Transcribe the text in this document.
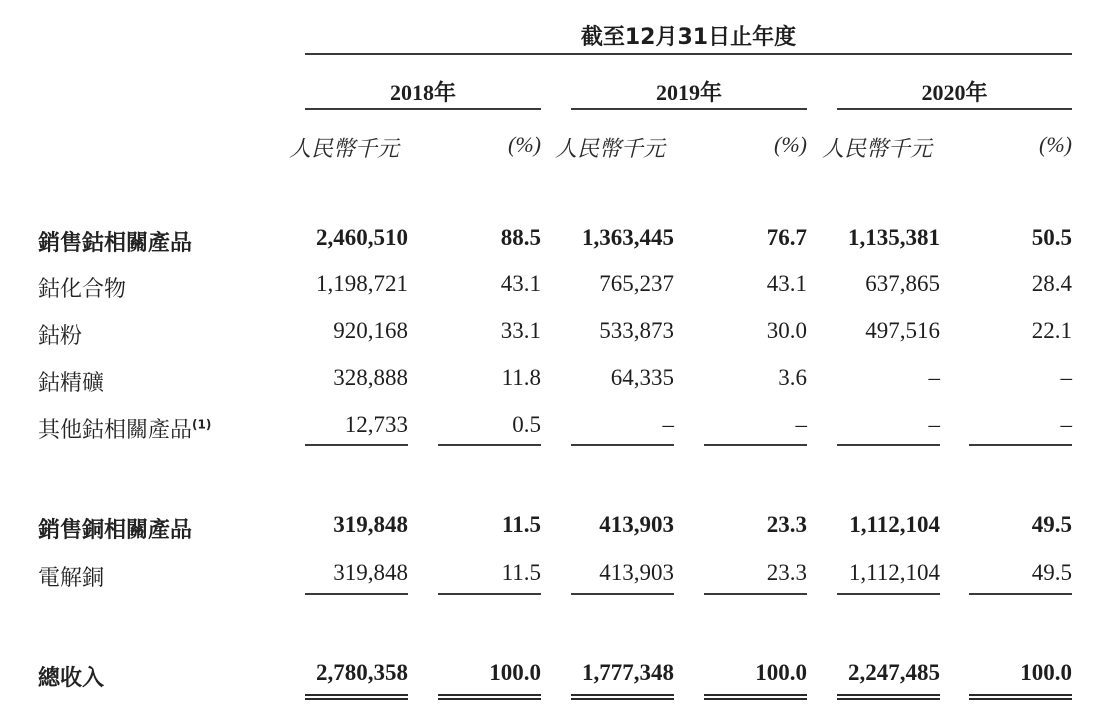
截至12月31日止年度
2018年	2019年	2020年
人民幣千元	(%) 人民幣千元	(%) 人民幣千元	(%)
銷售鈷相關產品	2,460,510	88.5 1,363,445	76.7 1,135,381	50.5
鈷化合物	1,198,721	43.1	765,237	43.1	637,865	28.4
鈷粉	920,168	33.1	533,873	30.0	497,516	22.1
鈷精礦	328,888	11.8	64,335	3.6	–	–
其他鈷相關產品$^{(1)}$	12,733	0.5	–	–	–	–
銷售銅相關產品	319,848	11.5	413,903	23.3 1,112,104	49.5
電解銅	319,848	11.5	413,903	23.3 1,112,104	49.5
總收入	2,780,358	100.0 1,777,348	100.0 2,247,485	100.0
